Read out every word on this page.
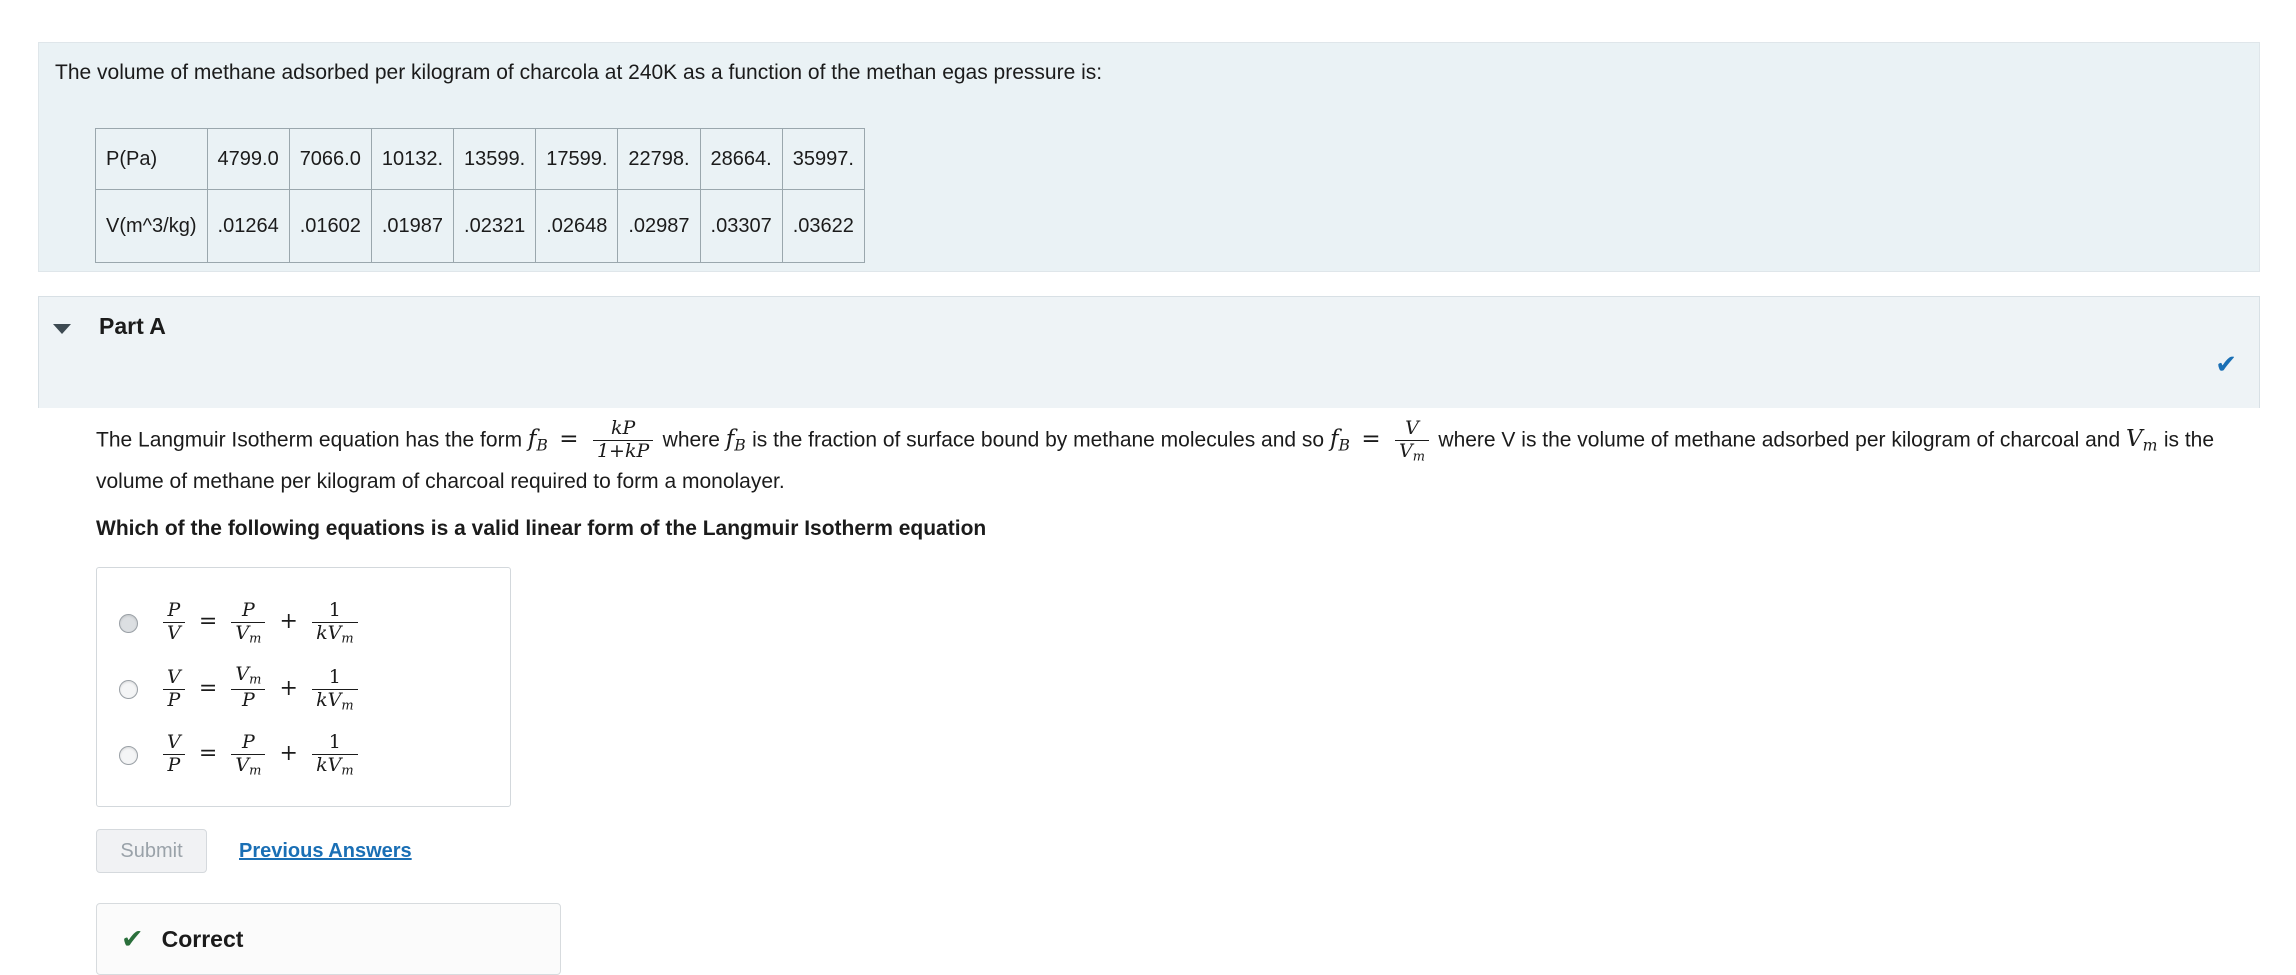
The volume of methane adsorbed per kilogram of charcola at 240K as a function of the methan egas pressure is:
P(Pa)	4799.0	7066.0	10132.	13599.	17599.	22798.	28664.	35997.
V(m^3/kg)	.01264	.01602	.01987	.02321	.02648	.02987	.03307	.03622
Part A
✔
The Langmuir Isotherm equation has the form $f_B = \frac{kP}{1+kP}$ where $f_B$ is the fraction of surface bound by methane molecules and so $f_B = \frac{V}{V_m}$ where V is the volume of methane adsorbed per kilogram of charcoal and $V_m$ is the volume of methane per kilogram of charcoal required to form a monolayer.
Which of the following equations is a valid linear form of the Langmuir Isotherm equation
$\frac{P}{V} = \frac{P}{V_m} + \frac{1}{kV_m}$
$\frac{V}{P} = \frac{V_m}{P} + \frac{1}{kV_m}$
$\frac{V}{P} = \frac{P}{V_m} + \frac{1}{kV_m}$
Submit	Previous Answers
✔ Correct
